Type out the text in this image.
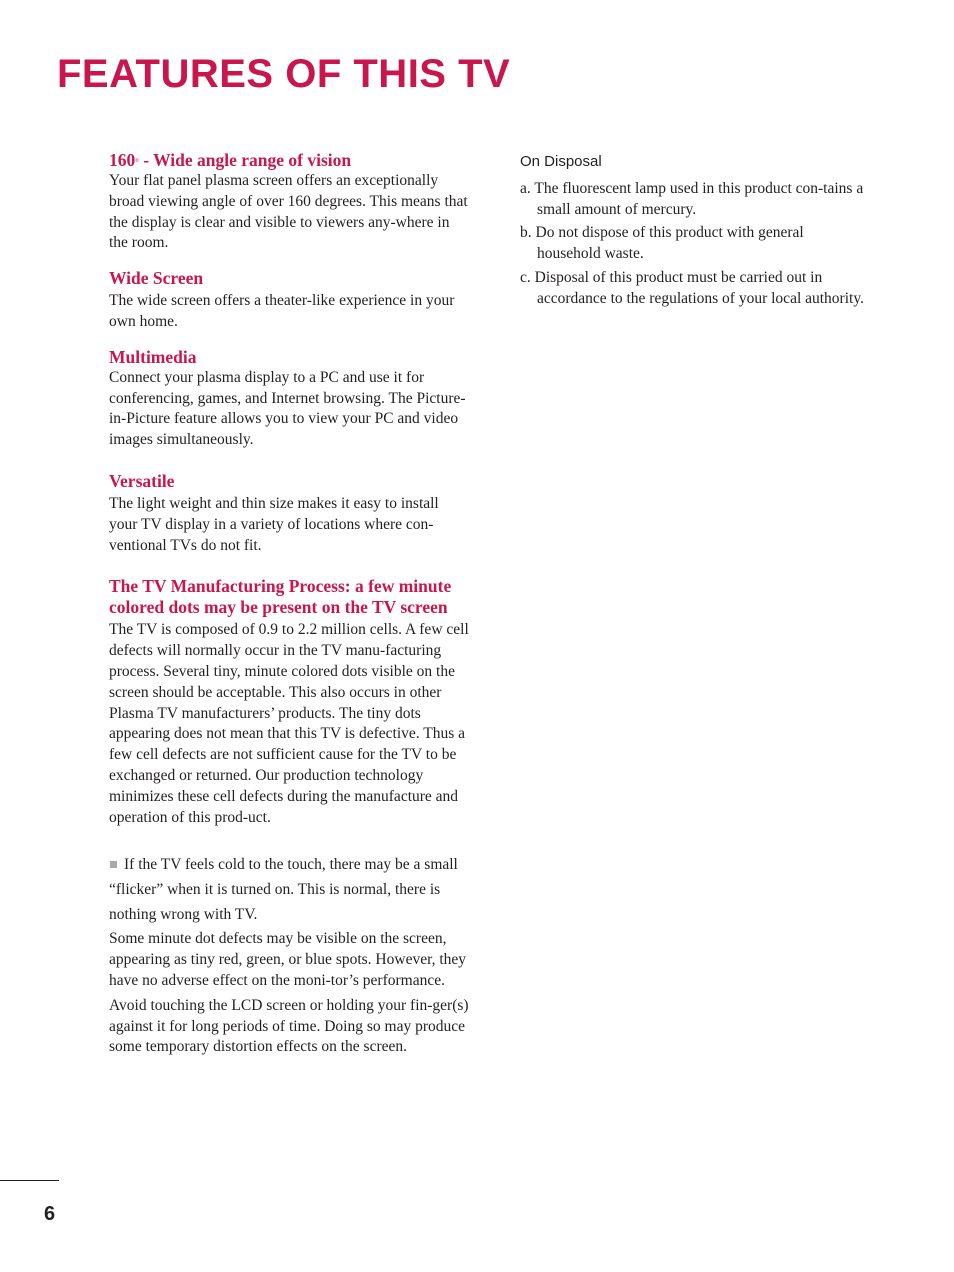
FEATURES OF THIS TV
160° - Wide angle range of vision

Your flat panel plasma screen offers an exceptionally broad viewing angle of over 160 degrees. This means that the display is clear and visible to viewers any-where in the room.

Wide Screen

The wide screen offers a theater-like experience in your own home.

Multimedia

Connect your plasma display to a PC and use it for conferencing, games, and Internet browsing. The Picture-in-Picture feature allows you to view your PC and video images simultaneously.

Versatile

The light weight and thin size makes it easy to install your TV display in a variety of locations where con-ventional TVs do not fit.

The TV Manufacturing Process: a few minute colored dots may be present on the TV screen

The TV is composed of 0.9 to 2.2 million cells. A few cell defects will normally occur in the TV manu-facturing process. Several tiny, minute colored dots visible on the screen should be acceptable. This also occurs in other Plasma TV manufacturers’ products. The tiny dots appearing does not mean that this TV is defective. Thus a few cell defects are not sufficient cause for the TV to be exchanged or returned. Our production technology minimizes these cell defects during the manufacture and operation of this prod-uct.

If the TV feels cold to the touch, there may be a small “flicker” when it is turned on. This is normal, there is nothing wrong with TV.

Some minute dot defects may be visible on the screen, appearing as tiny red, green, or blue spots. However, they have no adverse effect on the moni-tor’s performance.

Avoid touching the LCD screen or holding your fin-ger(s) against it for long periods of time. Doing so may produce some temporary distortion effects on the screen.

On Disposal

a. The fluorescent lamp used in this product con-tains a small amount of mercury.

b. Do not dispose of this product with general household waste.

c. Disposal of this product must be carried out in accordance to the regulations of your local authority.

6
